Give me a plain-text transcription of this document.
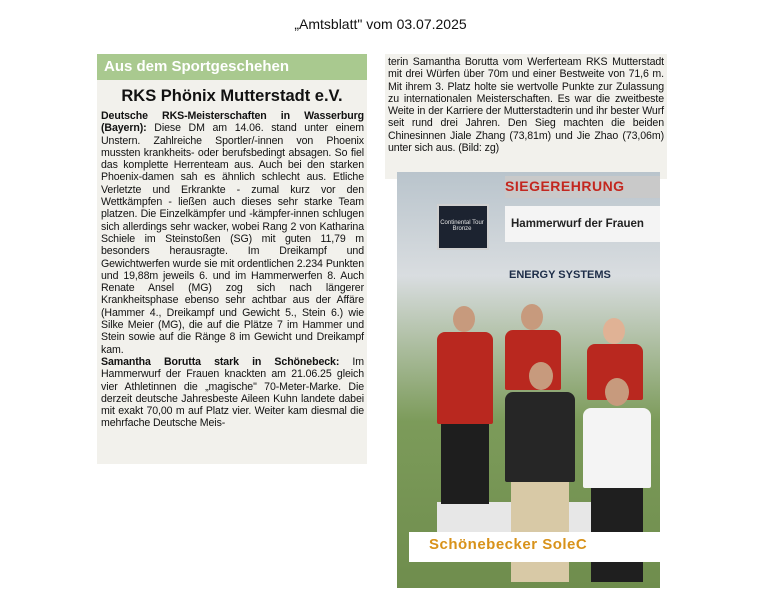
„Amtsblatt" vom 03.07.2025
Aus dem Sportgeschehen
RKS Phönix Mutterstadt e.V.

Deutsche RKS-Meisterschaften in Wasserburg (Bayern): Diese DM am 14.06. stand unter einem Unstern. Zahlreiche Sportler/-innen von Phoenix mussten krankheits- oder berufsbedingt absagen. So fiel das komplette Herrenteam aus. Auch bei den starken Phoenix-damen sah es ähnlich schlecht aus. Etliche Verletzte und Erkrankte - zumal kurz vor den Wettkämpfen - ließen auch dieses sehr starke Team platzen. Die Einzelkämpfer und -kämpfer-innen schlugen sich allerdings sehr wacker, wobei Rang 2 von Katharina Schiele im Steinstoßen (SG) mit guten 11,79 m besonders herausragte. Im Dreikampf und Gewichtwerfen wurde sie mit ordentlichen 2.234 Punkten und 19,88m jeweils 6. und im Hammerwerfen 8. Auch Renate Ansel (MG) zog sich nach längerer Krankheitsphase ebenso sehr achtbar aus der Affäre (Hammer 4., Dreikampf und Gewicht 5., Stein 6.) wie Silke Meier (MG), die auf die Plätze 7 im Hammer und Stein sowie auf die Ränge 8 im Gewicht und Dreikampf kam.

Samantha Borutta stark in Schönebeck: Im Hammerwurf der Frauen knackten am 21.06.25 gleich vier Athletinnen die „magische" 70-Meter-Marke. Die derzeit deutsche Jahresbeste Aileen Kuhn landete dabei mit exakt 70,00 m auf Platz vier. Weiter kam diesmal die mehrfache Deutsche Meis-

terin Samantha Borutta vom Werferteam RKS Mutterstadt mit drei Würfen über 70m und einer Bestweite von 71,6 m. Mit ihrem 3. Platz holte sie wertvolle Punkte zur Zulassung zu internationalen Meisterschaften. Es war die zweitbeste Weite in der Karriere der Mutterstadterin und ihr bester Wurf seit rund drei Jahren. Den Sieg machten die beiden Chinesinnen Jiale Zhang (73,81m) und Jie Zhao (73,06m) unter sich aus. (Bild: zg)

SIEGEREHRUNG
Hammerwurf der Frauen
Continental Tour Bronze
ENERGY SYSTEMS
Schönebecker SoleC
